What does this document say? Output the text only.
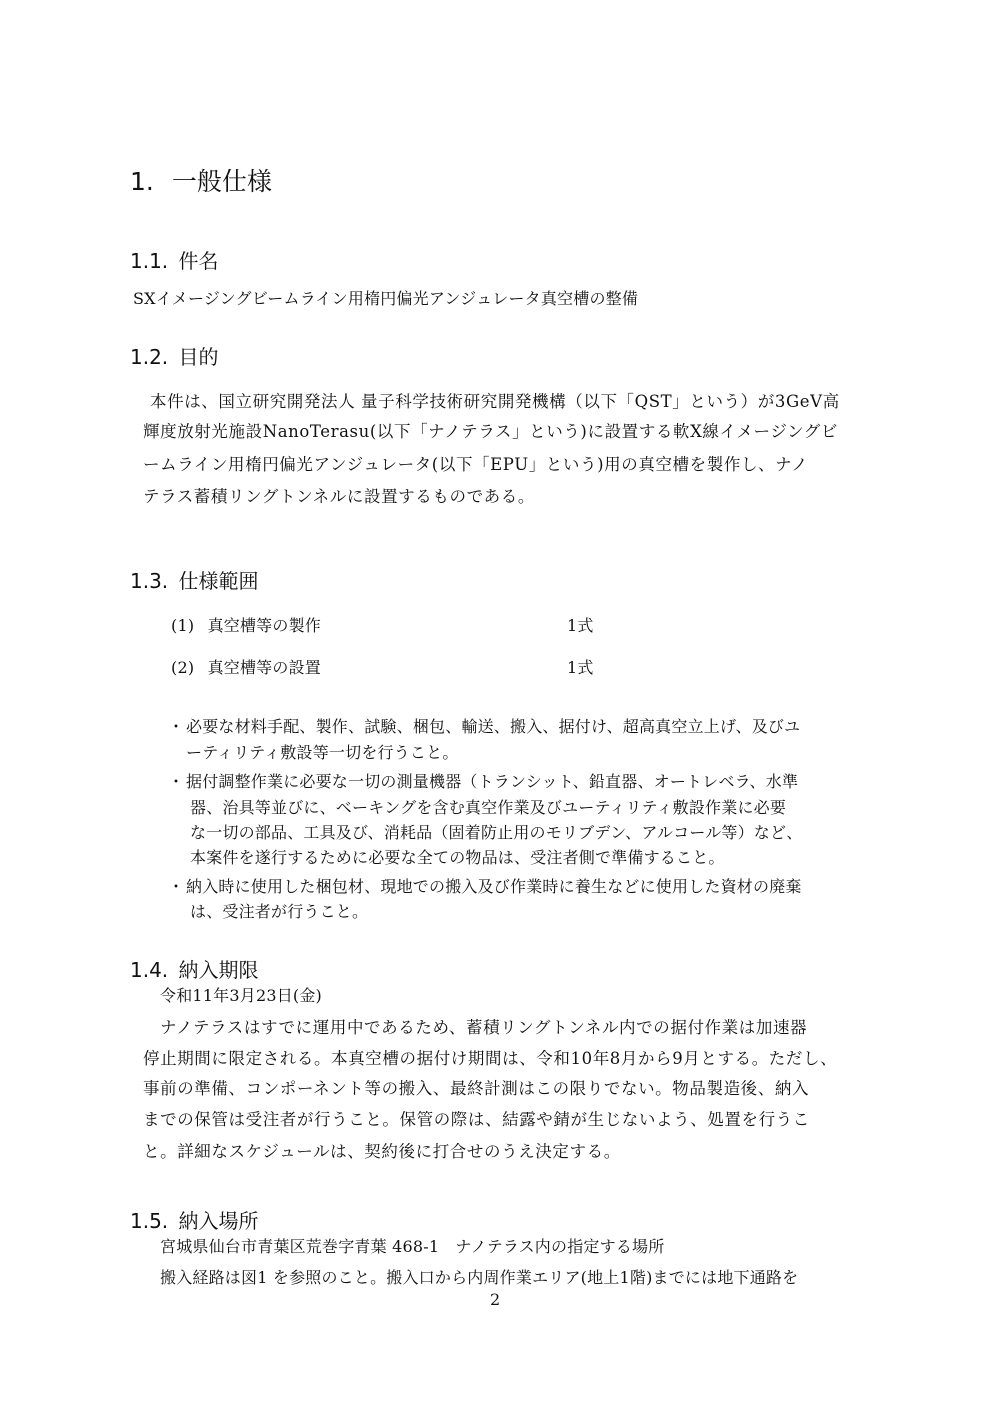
1. 一般仕様
1.1. 件名
SXイメージングビームライン用楕円偏光アンジュレータ真空槽の整備
1.2. 目的
本件は、国立研究開発法人 量子科学技術研究開発機構（以下「QST」という）が3GeV高
輝度放射光施設NanoTerasu(以下「ナノテラス」という)に設置する軟X線イメージングビ
ームライン用楕円偏光アンジュレータ(以下「EPU」という)用の真空槽を製作し、ナノ
テラス蓄積リングトンネルに設置するものである。
1.3. 仕様範囲
(1) 真空槽等の製作	1式
(2) 真空槽等の設置	1式
・ 必要な材料手配、製作、試験、梱包、輸送、搬入、据付け、超高真空立上げ、及びユ
ーティリティ敷設等一切を行うこと。
・ 据付調整作業に必要な一切の測量機器（トランシット、鉛直器、オートレベラ、水準
器、治具等並びに、ベーキングを含む真空作業及びユーティリティ敷設作業に必要
な一切の部品、工具及び、消耗品（固着防止用のモリブデン、アルコール等）など、
本案件を遂行するために必要な全ての物品は、受注者側で準備すること。
・ 納入時に使用した梱包材、現地での搬入及び作業時に養生などに使用した資材の廃棄
は、受注者が行うこと。
1.4. 納入期限
令和11年3月23日(金)
ナノテラスはすでに運用中であるため、蓄積リングトンネル内での据付作業は加速器
停止期間に限定される。本真空槽の据付け期間は、令和10年8月から9月とする。ただし、
事前の準備、コンポーネント等の搬入、最終計測はこの限りでない。物品製造後、納入
までの保管は受注者が行うこと。保管の際は、結露や錆が生じないよう、処置を行うこ
と。詳細なスケジュールは、契約後に打合せのうえ決定する。
1.5. 納入場所
宮城県仙台市青葉区荒巻字青葉 468-1　ナノテラス内の指定する場所
搬入経路は図1 を参照のこと。搬入口から内周作業エリア(地上1階)までには地下通路を
2
